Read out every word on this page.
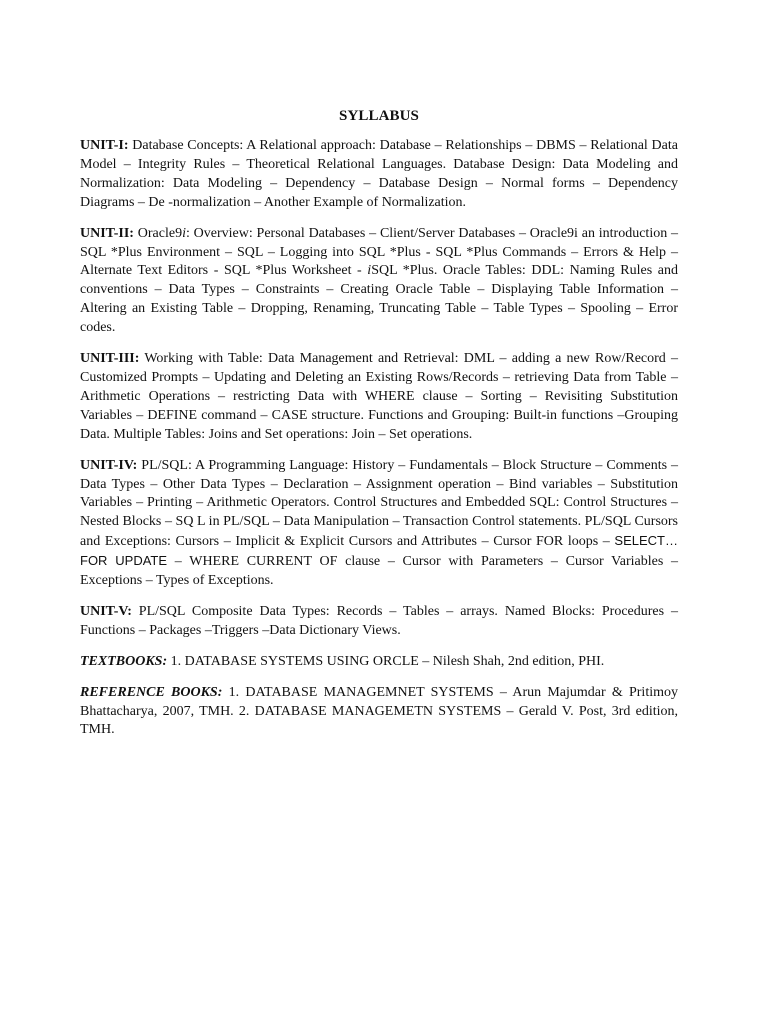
SYLLABUS

UNIT-I: Database Concepts: A Relational approach: Database – Relationships – DBMS – Relational Data Model – Integrity Rules – Theoretical Relational Languages. Database Design: Data Modeling and Normalization: Data Modeling – Dependency – Database Design – Normal forms – Dependency Diagrams – De -normalization – Another Example of Normalization.

UNIT-II: Oracle9i: Overview: Personal Databases – Client/Server Databases – Oracle9i an introduction – SQL *Plus Environment – SQL – Logging into SQL *Plus - SQL *Plus Commands – Errors & Help – Alternate Text Editors - SQL *Plus Worksheet - iSQL *Plus. Oracle Tables: DDL: Naming Rules and conventions – Data Types – Constraints – Creating Oracle Table – Displaying Table Information – Altering an Existing Table – Dropping, Renaming, Truncating Table – Table Types – Spooling – Error codes.

UNIT-III: Working with Table: Data Management and Retrieval: DML – adding a new Row/Record – Customized Prompts – Updating and Deleting an Existing Rows/Records – retrieving Data from Table – Arithmetic Operations – restricting Data with WHERE clause – Sorting – Revisiting Substitution Variables – DEFINE command – CASE structure. Functions and Grouping: Built-in functions –Grouping Data. Multiple Tables: Joins and Set operations: Join – Set operations.

UNIT-IV: PL/SQL: A Programming Language: History – Fundamentals – Block Structure – Comments – Data Types – Other Data Types – Declaration – Assignment operation – Bind variables – Substitution Variables – Printing – Arithmetic Operators. Control Structures and Embedded SQL: Control Structures – Nested Blocks – SQ L in PL/SQL – Data Manipulation – Transaction Control statements. PL/SQL Cursors and Exceptions: Cursors – Implicit & Explicit Cursors and Attributes – Cursor FOR loops – SELECT…FOR UPDATE – WHERE CURRENT OF clause – Cursor with Parameters – Cursor Variables – Exceptions – Types of Exceptions.

UNIT-V: PL/SQL Composite Data Types: Records – Tables – arrays. Named Blocks: Procedures – Functions – Packages –Triggers –Data Dictionary Views.

TEXTBOOKS: 1. DATABASE SYSTEMS USING ORCLE – Nilesh Shah, 2nd edition, PHI.

REFERENCE BOOKS: 1. DATABASE MANAGEMNET SYSTEMS – Arun Majumdar & Pritimoy Bhattacharya, 2007, TMH. 2. DATABASE MANAGEMETN SYSTEMS – Gerald V. Post, 3rd edition, TMH.
